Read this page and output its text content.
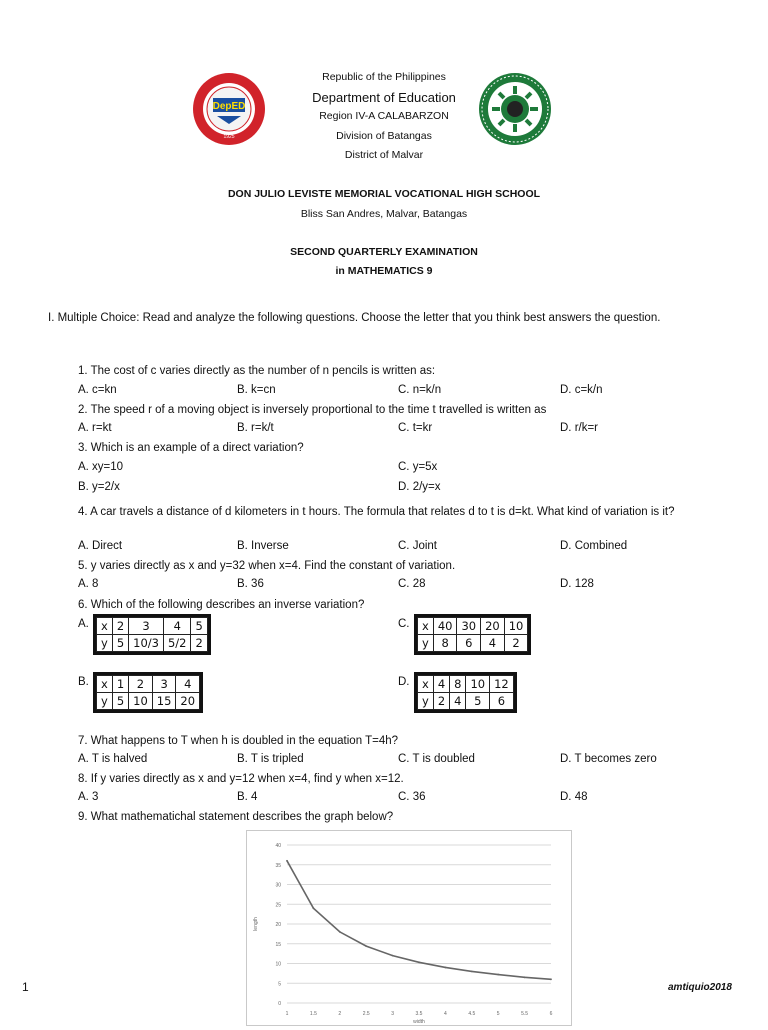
DepED
1925
Republic of the Philippines
Department of Education
Region IV-A CALABARZON
Division of Batangas
District of Malvar
DON JULIO LEVISTE MEMORIAL VOCATIONAL HIGH SCHOOL
Bliss San Andres, Malvar, Batangas
SECOND QUARTERLY EXAMINATION
in MATHEMATICS 9
I. Multiple Choice: Read and analyze the following questions. Choose the letter that you think best answers the question.
1. The cost of c varies directly as the number of n pencils is written as:
A. c=kn	B. k=cn	C. n=k/n	D. c=k/n
2. The speed r of a moving object is inversely proportional to the time t travelled is written as
A. r=kt	B. r=k/t	C. t=kr	D. r/k=r
3. Which is an example of a direct variation?
A. xy=10	C. y=5x
B. y=2/x	D. 2/y=x
4. A car travels a distance of d kilometers in t hours. The formula that relates d to t is d=kt. What kind of variation is it?
A. Direct	B. Inverse	C. Joint	D. Combined
5. y varies directly as x and y=32 when x=4. Find the constant of variation.
A. 8	B. 36	C. 28	D. 128
6. Which of the following describes an inverse variation?
A. x	2	3	4	5
y	5	10/3	5/2	2
C. x	40	30	20	10
y	8	6	4	2
B. x	1	2	3	4
y	5	10	15	20
D. x	4	8	10	12
y	2	4	5	6
7. What happens to T when h is doubled in the equation T=4h?
A. T is halved	B. T is tripled	C. T is doubled	D. T becomes zero
8. If y varies directly as x and y=12 when x=4, find y when x=12.
A. 3	B. 4	C. 36	D. 48
9. What mathematichal statement describes the graph below?
0
5
10
15
20
25
30
35
40
1	1.5	2	2.5	3	3.5	4	4.5	5	5.5	6
length
width
1	amtiquio2018
